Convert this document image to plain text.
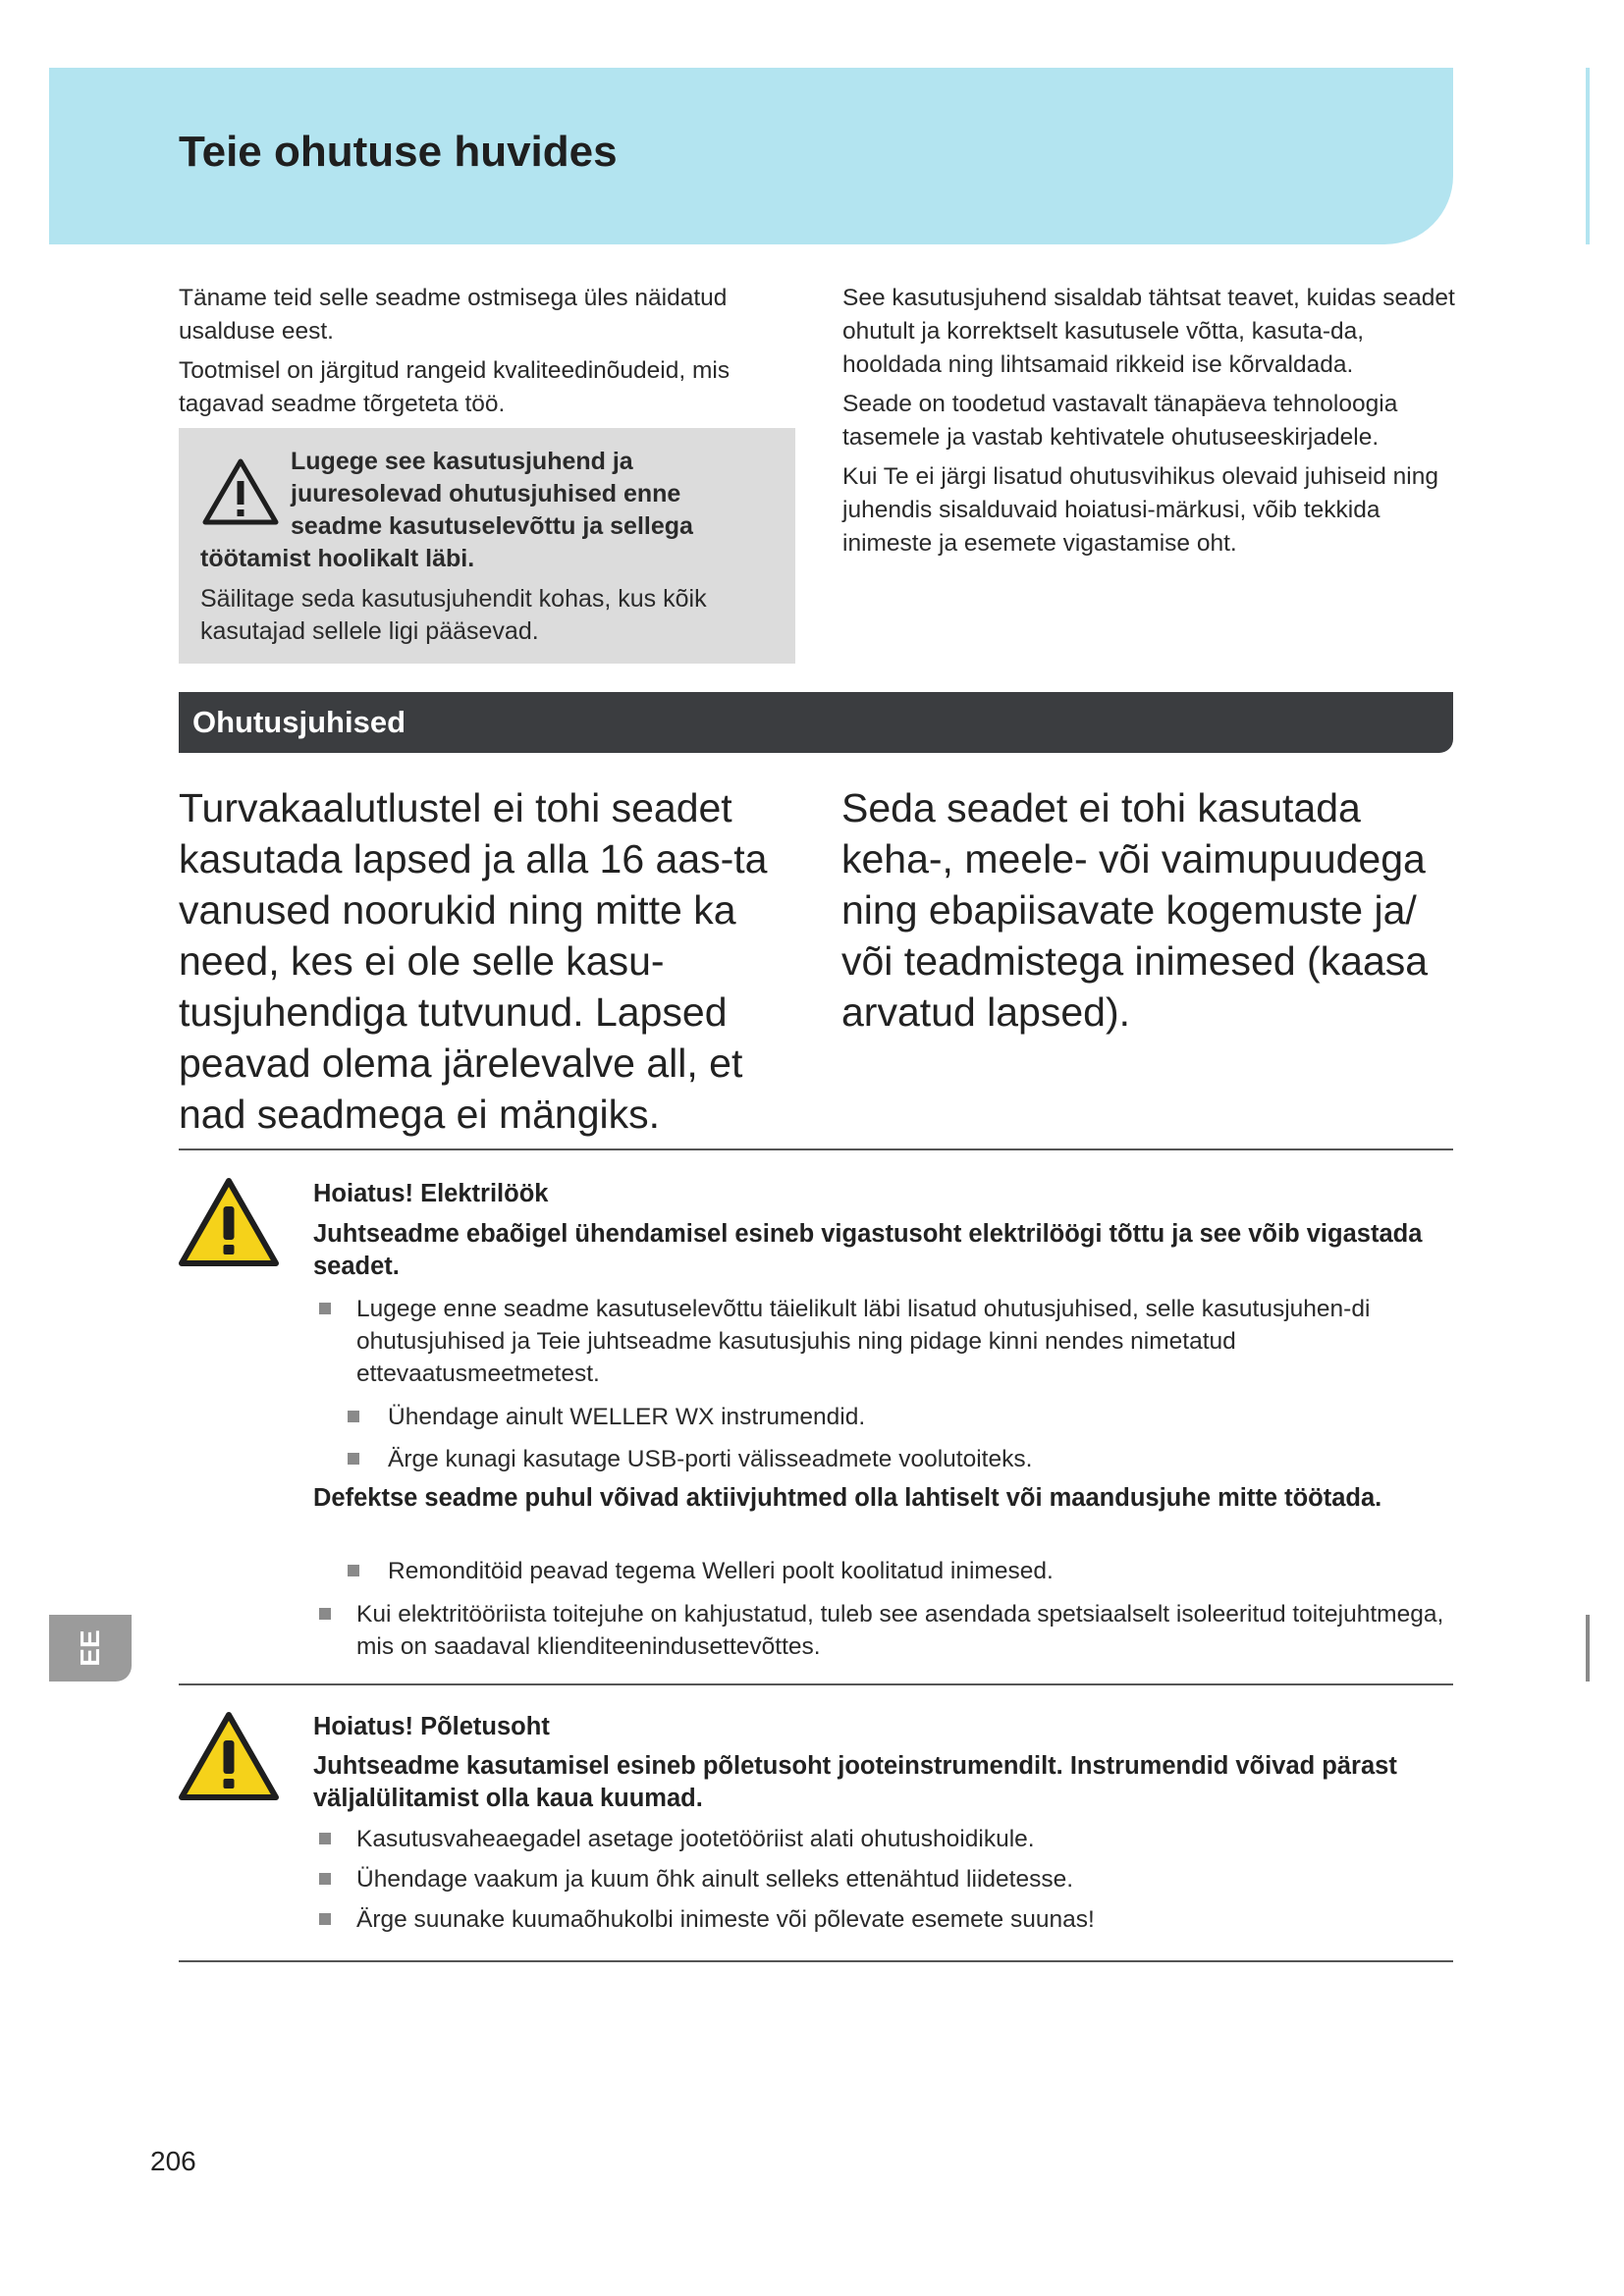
Teie ohutuse huvides

Täname teid selle seadme ostmisega üles näidatud usalduse eest.

Tootmisel on järgitud rangeid kvaliteedinõudeid, mis tagavad seadme tõrgeteta töö.

Lugege see kasutusjuhend ja
juuresolevad ohutusjuhised enne
seadme kasutuselevõttu ja sellega
töötamist hoolikalt läbi.
Säilitage seda kasutusjuhendit kohas, kus kõik kasutajad sellele ligi pääsevad.

See kasutusjuhend sisaldab tähtsat teavet, kuidas seadet ohutult ja korrektselt kasutusele võtta, kasuta-da, hooldada ning lihtsamaid rikkeid ise kõrvaldada.

Seade on toodetud vastavalt tänapäeva tehnoloogia tasemele ja vastab kehtivatele ohutuseeskirjadele.

Kui Te ei järgi lisatud ohutusvihikus olevaid juhiseid ning juhendis sisalduvaid hoiatusi-märkusi, võib tekkida inimeste ja esemete vigastamise oht.

Ohutusjuhised
Turvakaalutlustel ei tohi seadet kasutada lapsed ja alla 16 aas-ta vanused noorukid ning mitte ka need, kes ei ole selle kasu-tusjuhendiga tutvunud. Lapsed peavad olema järelevalve all, et nad seadmega ei mängiks.
Seda seadet ei tohi kasutada keha-, meele- või vaimupuudega ning ebapiisavate kogemuste ja/ või teadmistega inimesed (kaasa arvatud lapsed).
Hoiatus! Elektrilöök
Juhtseadme ebaõigel ühendamisel esineb vigastusoht elektrilöögi tõttu ja see võib vigastada seadet.
Lugege enne seadme kasutuselevõttu täielikult läbi lisatud ohutusjuhised, selle kasutusjuhen-di ohutusjuhised ja Teie juhtseadme kasutusjuhis ning pidage kinni nendes nimetatud ettevaatusmeetmetest.
Ühendage ainult WELLER WX instrumendid.
Ärge kunagi kasutage USB-porti välisseadmete voolutoiteks.
Defektse seadme puhul võivad aktiivjuhtmed olla lahtiselt või maandusjuhe mitte töötada.
Remonditöid peavad tegema Welleri poolt koolitatud inimesed.
Kui elektritööriista toitejuhe on kahjustatud, tuleb see asendada spetsiaalselt isoleeritud toitejuhtmega, mis on saadaval klienditeenindusettevõttes.
Hoiatus! Põletusoht
Juhtseadme kasutamisel esineb põletusoht jooteinstrumendilt. Instrumendid võivad pärast väljalülitamist olla kaua kuumad.
Kasutusvaheaegadel asetage jootetööriist alati ohutushoidikule.
Ühendage vaakum ja kuum õhk ainult selleks ettenähtud liidetesse.
Ärge suunake kuumaõhukolbi inimeste või põlevate esemete suunas!
EE
206
